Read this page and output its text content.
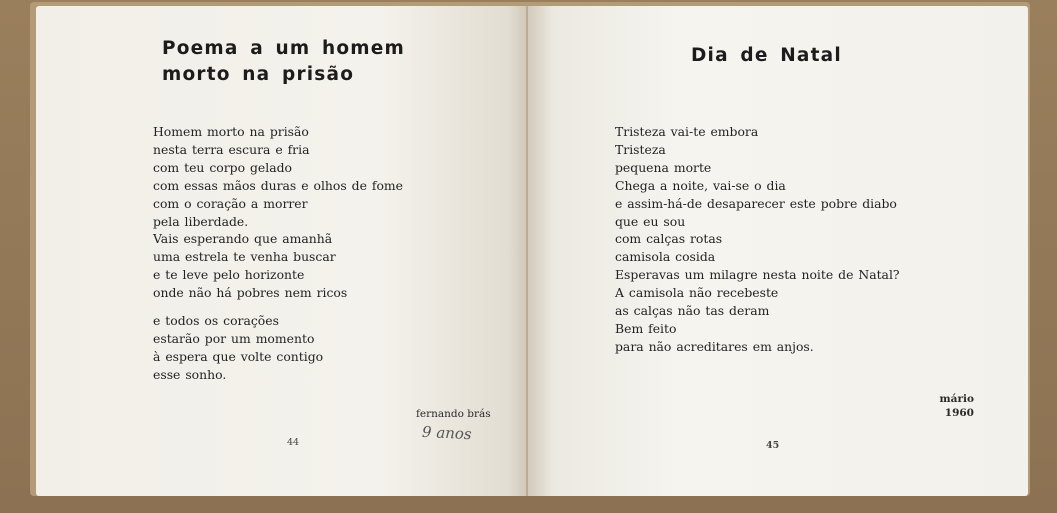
Poema a um homem
morto na prisão
Homem morto na prisão
nesta terra escura e fria
com teu corpo gelado
com essas mãos duras e olhos de fome
com o coração a morrer
pela liberdade.
Vais esperando que amanhã
uma estrela te venha buscar
e te leve pelo horizonte
onde não há pobres nem ricos
e todos os corações
estarão por um momento
à espera que volte contigo
esse sonho.
fernando brás
9 anos
44
Dia de Natal
Tristeza vai-te embora
Tristeza
pequena morte
Chega a noite, vai-se o dia
e assim-há-de desaparecer este pobre diabo
que eu sou
com calças rotas
camisola cosida
Esperavas um milagre nesta noite de Natal?
A camisola não recebeste
as calças não tas deram
Bem feito
para não acreditares em anjos.
mário
1960
45
